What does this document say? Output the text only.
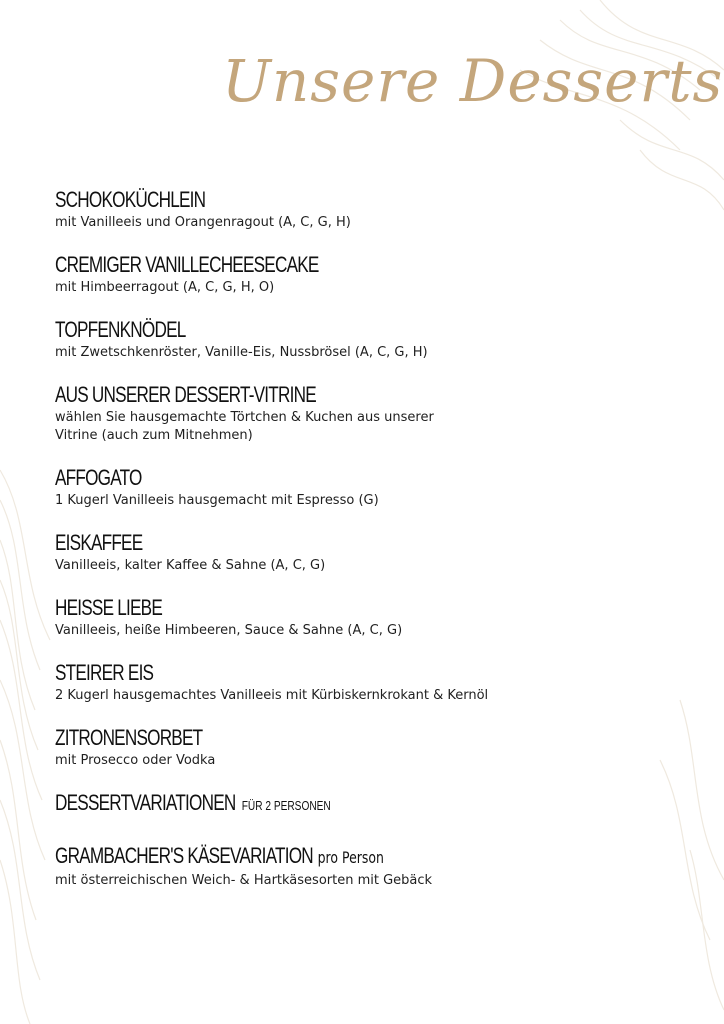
Unsere Desserts
SCHOKOKÜCHLEIN
mit Vanilleeis und Orangenragout (A, C, G, H)
CREMIGER VANILLECHEESECAKE
mit Himbeerragout (A, C, G, H, O)
TOPFENKNÖDEL
mit Zwetschkenröster, Vanille-Eis, Nussbrösel (A, C, G, H)
AUS UNSERER DESSERT-VITRINE
wählen Sie hausgemachte Törtchen & Kuchen aus unserer
Vitrine (auch zum Mitnehmen)
AFFOGATO
1 Kugerl Vanilleeis hausgemacht mit Espresso (G)
EISKAFFEE
Vanilleeis, kalter Kaffee & Sahne (A, C, G)
HEISSE LIEBE
Vanilleeis, heiße Himbeeren, Sauce & Sahne (A, C, G)
STEIRER EIS
2 Kugerl hausgemachtes Vanilleeis mit Kürbiskernkrokant & Kernöl
ZITRONENSORBET
mit Prosecco oder Vodka
DESSERTVARIATIONEN FÜR 2 PERSONEN
GRAMBACHER'S KÄSEVARIATION pro Person
mit österreichischen Weich- & Hartkäsesorten mit Gebäck
